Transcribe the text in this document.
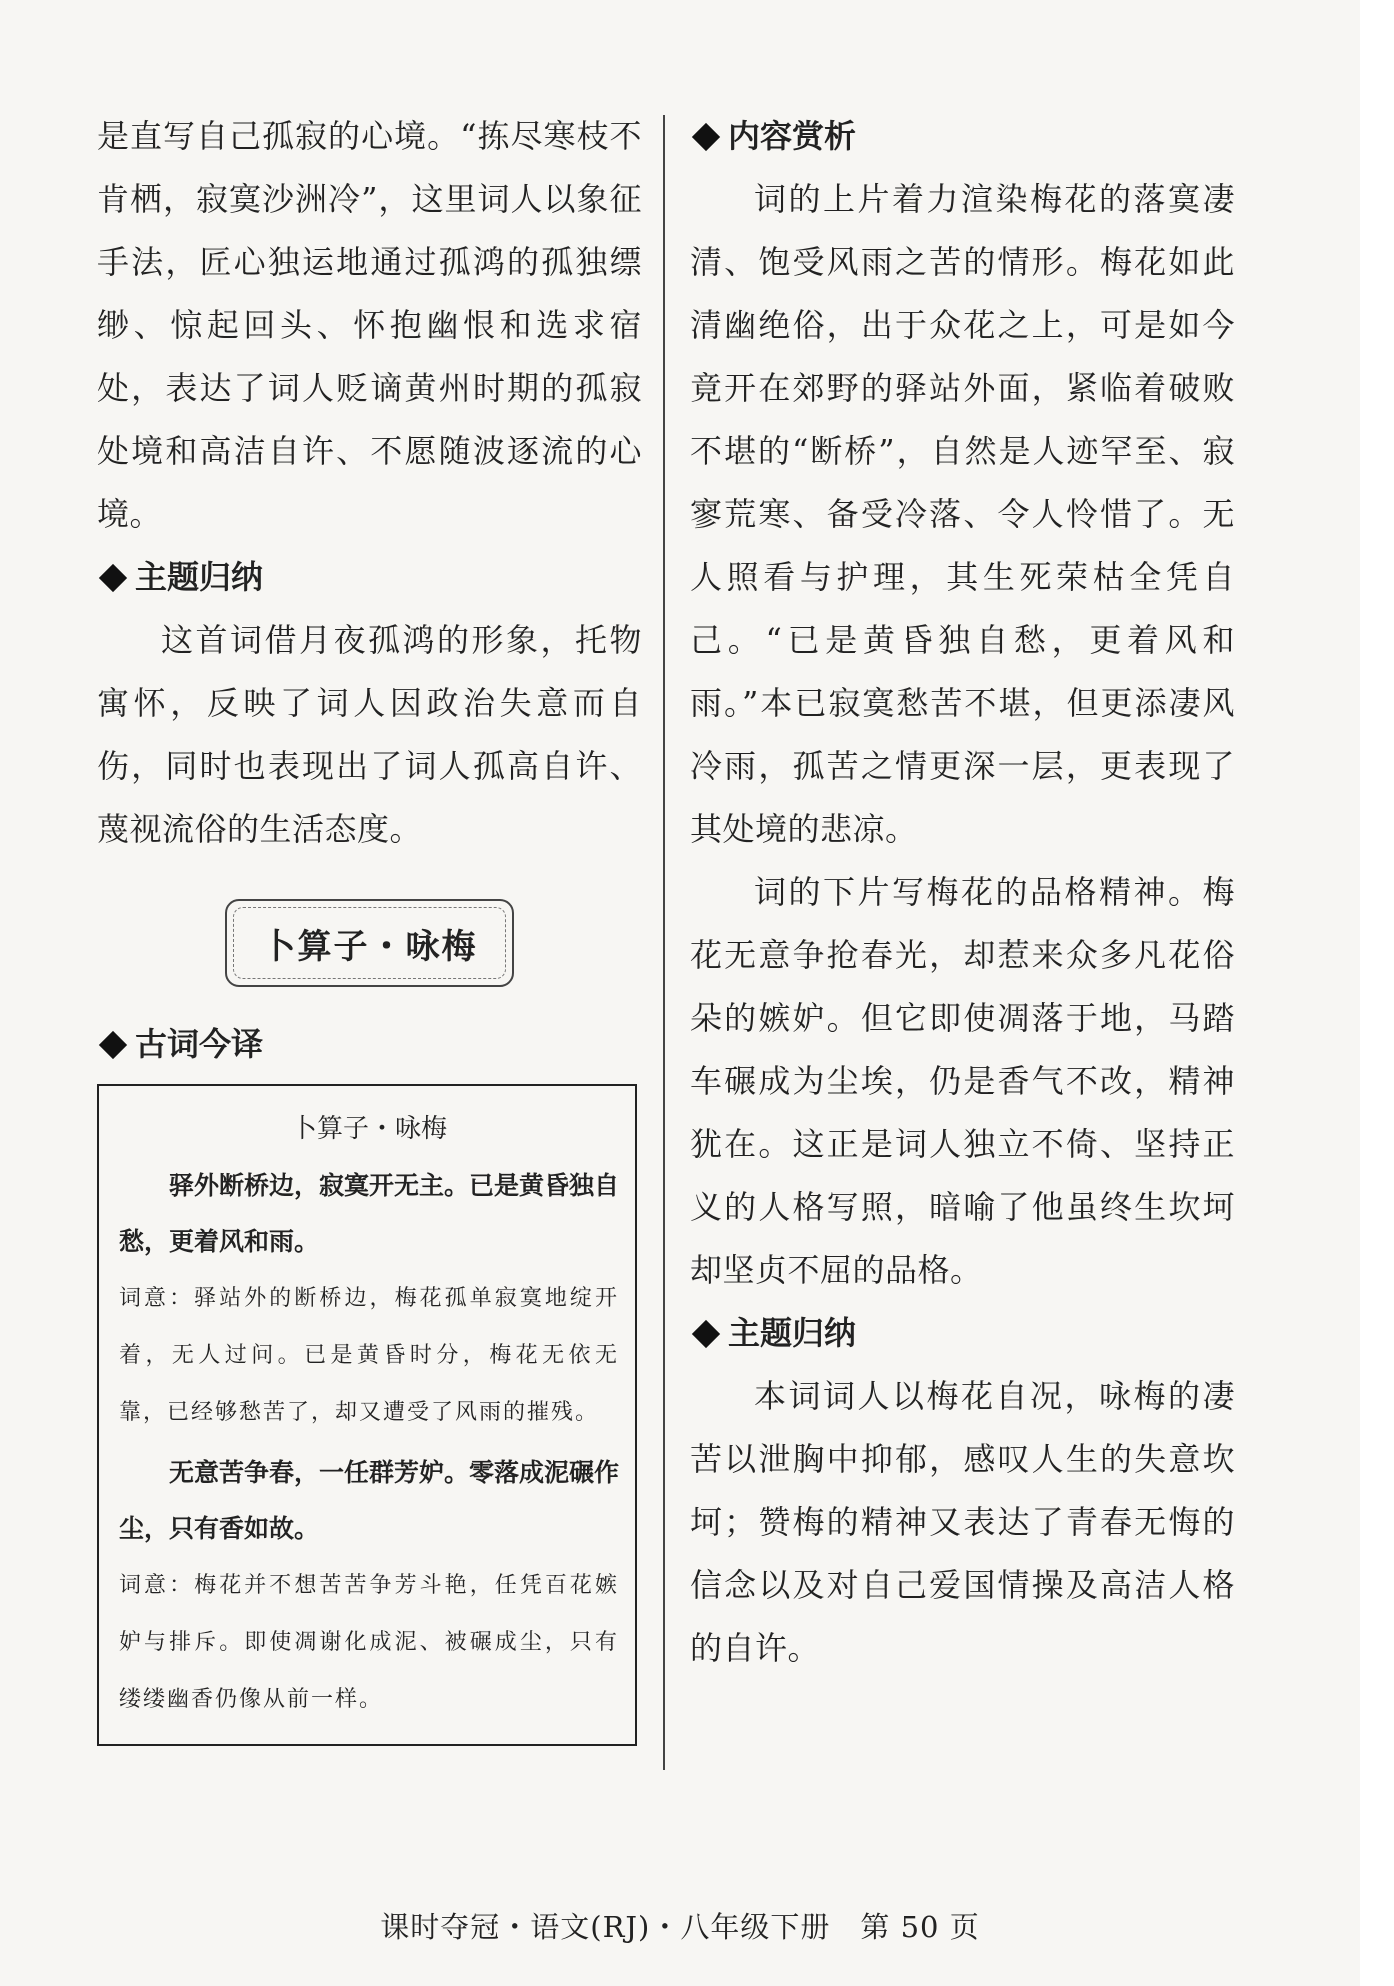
是直写自己孤寂的心境。“拣尽寒枝不肯栖，寂寞沙洲冷”，这里词人以象征手法，匠心独运地通过孤鸿的孤独缥缈、惊起回头、怀抱幽恨和选求宿处，表达了词人贬谪黄州时期的孤寂处境和高洁自许、不愿随波逐流的心境。

主题归纳

这首词借月夜孤鸿的形象，托物寓怀，反映了词人因政治失意而自伤，同时也表现出了词人孤高自许、蔑视流俗的生活态度。

卜算子・咏梅
古词今译
卜算子・咏梅

驿外断桥边，寂寞开无主。已是黄昏独自愁，更着风和雨。

词意：驿站外的断桥边，梅花孤单寂寞地绽开着，无人过问。已是黄昏时分，梅花无依无靠，已经够愁苦了，却又遭受了风雨的摧残。

无意苦争春，一任群芳妒。零落成泥碾作尘，只有香如故。

词意：梅花并不想苦苦争芳斗艳，任凭百花嫉妒与排斥。即使凋谢化成泥、被碾成尘，只有缕缕幽香仍像从前一样。

内容赏析

词的上片着力渲染梅花的落寞凄清、饱受风雨之苦的情形。梅花如此清幽绝俗，出于众花之上，可是如今竟开在郊野的驿站外面，紧临着破败不堪的“断桥”，自然是人迹罕至、寂寥荒寒、备受冷落、令人怜惜了。无人照看与护理，其生死荣枯全凭自己。“已是黄昏独自愁，更着风和雨。”本已寂寞愁苦不堪，但更添凄风冷雨，孤苦之情更深一层，更表现了其处境的悲凉。

词的下片写梅花的品格精神。梅花无意争抢春光，却惹来众多凡花俗朵的嫉妒。但它即使凋落于地，马踏车碾成为尘埃，仍是香气不改，精神犹在。这正是词人独立不倚、坚持正义的人格写照，暗喻了他虽终生坎坷却坚贞不屈的品格。

主题归纳

本词词人以梅花自况，咏梅的凄苦以泄胸中抑郁，感叹人生的失意坎坷；赞梅的精神又表达了青春无悔的信念以及对自己爱国情操及高洁人格的自许。

课时夺冠・语文(RJ)・八年级下册　第 50 页
